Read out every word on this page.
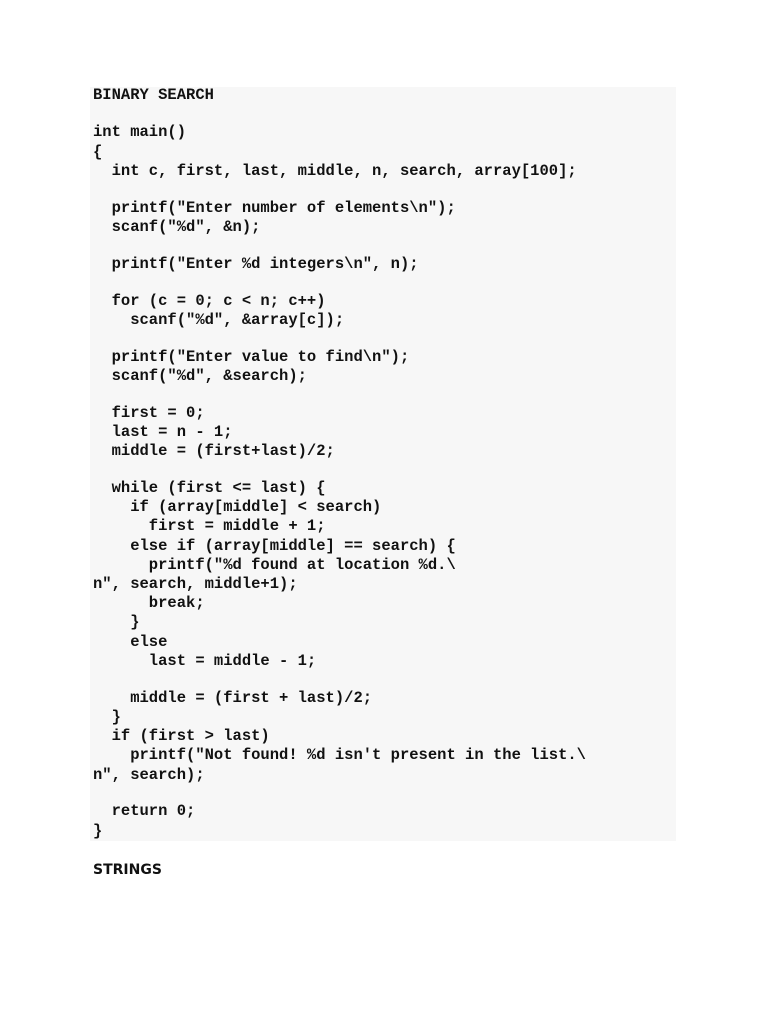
BINARY SEARCH

int main()

{

int c, first, last, middle, n, search, array[100];

printf("Enter number of elements\n");

scanf("%d", &n);

printf("Enter %d integers\n", n);

for (c = 0; c < n; c++)

scanf("%d", &array[c]);

printf("Enter value to find\n");

scanf("%d", &search);

first = 0;

last = n - 1;

middle = (first+last)/2;

while (first <= last) {

if (array[middle] < search)

first = middle + 1;

else if (array[middle] == search) {

printf("%d found at location %d.\

n", search, middle+1);

break;

}

else

last = middle - 1;

middle = (first + last)/2;

}

if (first > last)

printf("Not found! %d isn't present in the list.\

n", search);

return 0;

}

STRINGS
